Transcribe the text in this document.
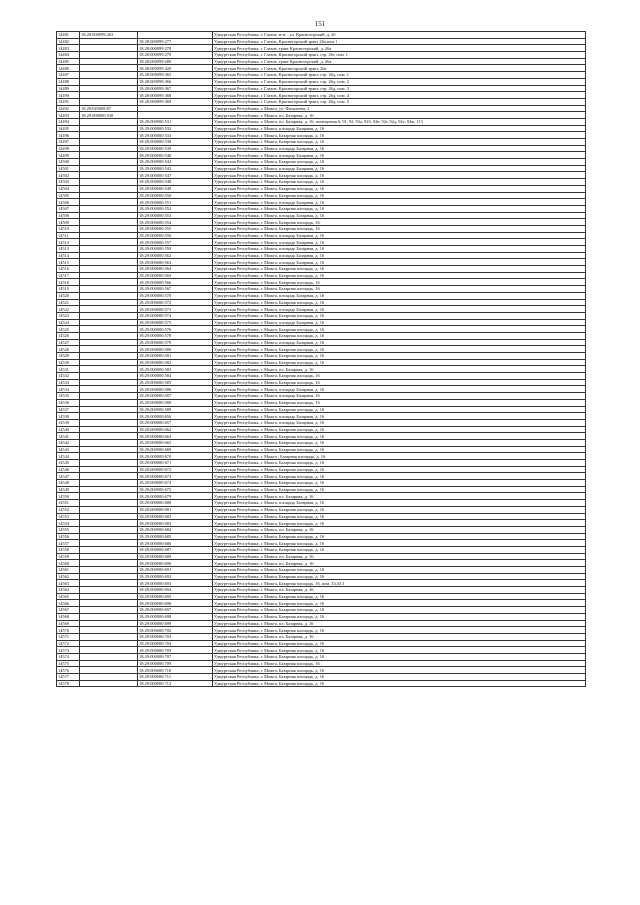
151
14481	18:28:000099:263		Удмуртская Республика, г. Глазов, м-н. , ул. Красногорский, д. 2б
14482		18:28:000099:277	Удмуртская Республика, г. Глазов, Красногорский тракт 26а,пом.1
14483		18:28:000099:278	Удмуртская Республика, г. Глазов, тракт Красногорский, д. 26а
14484		18:28:000099:279	Удмуртская Республика, г. Глазов, Красногорский тракт, стр. 26г, пом. 1
14485		18:28:000099:280	Удмуртская Республика, г. Глазов, тракт Красногорский, д. 26а
14486		18:28:000099:320	Удмуртская Республика, г. Глазов, Красногорский тракт, 26а
14487		18:28:000099:365	Удмуртская Республика, г. Глазов, Красногорский тракт, стр. 26д, пом. 1
14488		18:28:000099:366	Удмуртская Республика, г. Глазов, Красногорский тракт, стр. 26д, пом. 2
14489		18:28:000099:367	Удмуртская Республика, г. Глазов, Красногорский тракт, стр. 26д, пом. 3
14490		18:28:000099:368	Удмуртская Республика, г. Глазов, Красногорский тракт, стр. 26д, пом. 4
14491		18:28:000099:369	Удмуртская Республика, г. Глазов, Красногорский тракт, стр. 26д, пом. 5
14492	18:29:020008:87		Удмуртская Республика, г. Можга, ул. Фалалеева, 2
14493	18:29:000000:530		Удмуртская Республика, г. Можга, пл. Базарная, д. 16
14494		18:29:000000:531	Удмуртская Республика, г. Можга, пл. Базарная, д. 16, помещения 6, 91, 92, 92а, 92б, 92в, 92г, 92д, 92е, 92ж, 113
14495		18:29:000000:532	Удмуртская Республика, г. Можга, площадь Базарная, д. 16
14496		18:29:000000:533	Удмуртская Республика, г. Можга, Базарная площадь, д. 16
14497		18:29:000000:538	Удмуртская Республика, г. Можга, Базарная площадь, д. 16
14498		18:29:000000:539	Удмуртская Республика, г. Можга, площадь Базарная, д. 16
14499		18:29:000000:540	Удмуртская Республика, г. Можга, площадь Базарная, д. 16
14500		18:29:000000:542	Удмуртская Республика, г. Можга, Базарная площадь, д. 16
14501		18:29:000000:543	Удмуртская Республика, г. Можга, площадь Базарная, д. 16
14502		18:29:000000:547	Удмуртская Республика, г. Можга, Базарная площадь, д. 16
14503		18:29:000000:548	Удмуртская Республика, г. Можга, Базарная площадь, д. 16
14504		18:29:000000:549	Удмуртская Республика, г. Можга, Базарная площадь, д. 16
14505		18:29:000000:550	Удмуртская Республика, г. Можга, Базарная площадь, д. 16
14506		18:29:000000:551	Удмуртская Республика, г. Можга, площадь Базарная, д. 16
14507		18:29:000000:552	Удмуртская Республика, г. Можга, Базарная площадь, д. 16
14508		18:29:000000:553	Удмуртская Республика, г. Можга, площадь Базарная, д. 16
14509		18:29:000000:554	Удмуртская Республика, г. Можга, Базарная площадь, 16
14510		18:29:000000:555	Удмуртская Республика, г. Можга, Базарная площадь, 16
14511		18:29:000000:556	Удмуртская Республика, г. Можга, площадь Базарная, д. 16
14512		18:29:000000:557	Удмуртская Республика, г. Можга, площадь Базарная, д. 16
14513		18:29:000000:559	Удмуртская Республика, г. Можга, площадь Базарная, д. 16
14514		18:29:000000:562	Удмуртская Республика, г. Можга, площадь Базарная, д. 16
14515		18:29:000000:563	Удмуртская Республика, г. Можга, площадь Базарная, д. 16
14516		18:29:000000:564	Удмуртская Республика, г. Можга, Базарная площадь, д. 16
14517		18:29:000000:565	Удмуртская Республика, г. Можга, Базарная площадь, д. 16
14518		18:29:000000:566	Удмуртская Республика, г. Можга, Базарная площадь, 16
14519		18:29:000000:567	Удмуртская Республика, г. Можга, Базарная площадь, 16
14520		18:29:000000:570	Удмуртская Республика, г. Можга, площадь Базарная, д. 16
14521		18:29:000000:572	Удмуртская Республика, г. Можга, Базарная площадь, д. 16
14522		18:29:000000:573	Удмуртская Республика, г. Можга, площадь Базарная, д. 16
14523		18:29:000000:574	Удмуртская Республика, г. Можга, Базарная площадь, д. 16
14524		18:29:000000:575	Удмуртская Республика, г. Можга, площадь Базарная, д. 16
14525		18:29:000000:576	Удмуртская Республика, г. Можга, Базарная площадь, д. 16
14526		18:29:000000:578	Удмуртская Республика, г. Можга, Базарная площадь, д. 16
14527		18:29:000000:579	Удмуртская Республика, г. Можга, площадь Базарная, д. 16
14528		18:29:000000:580	Удмуртская Республика, г. Можга, Базарная площадь, д. 16
14529		18:29:000000:581	Удмуртская Республика, г. Можга, Базарная площадь, д. 16
14530		18:29:000000:582	Удмуртская Республика, г. Можга, Базарная площадь, д. 16
14531		18:29:000000:583	Удмуртская Республика, г. Можга, пл. Базарная, д. 16
14532		18:29:000000:584	Удмуртская Республика, г. Можга, Базарная площадь, 16
14533		18:29:000000:585	Удмуртская Республика, г. Можга, Базарная площадь, 16
14534		18:29:000000:586	Удмуртская Республика, г. Можга, площадь Базарная, д. 16
14535		18:29:000000:587	Удмуртская Республика, г. Можга, площадь Базарная, 16
14536		18:29:000000:588	Удмуртская Республика, г. Можга, Базарная площадь, 16
14537		18:29:000000:589	Удмуртская Республика, г. Можга, Базарная площадь, д. 16
14538		18:29:000000:656	Удмуртская Республика, г. Можга, площадь Базарная, д. 16
14539		18:29:000000:657	Удмуртская Республика, г. Можга, площадь Базарная, д. 16
14540		18:29:000000:662	Удмуртская Республика, г. Можга, Базарная площадь, д. 16
14541		18:29:000000:663	Удмуртская Республика, г. Можга, Базарная площадь, д. 16
14542		18:29:000000:665	Удмуртская Республика, г. Можга, Базарная площадь, д. 16
14543		18:29:000000:669	Удмуртская Республика, г. Можга, Базарная площадь, д. 16
14544		18:29:000000:670	Удмуртская Республика, г. Можга , Базарная площадь, д. 16
14545		18:29:000000:671	Удмуртская Республика, г. Можга, Базарная площадь, д. 16
14546		18:29:000000:672	Удмуртская Республика, г. Можга, Базарная площадь, д. 16
14547		18:29:000000:673	Удмуртская Республика, г. Можга, Базарная площадь, д. 16
14548		18:29:000000:674	Удмуртская Республика, г. Можга, Базарная площадь, д. 16
14549		18:29:000000:675	Удмуртская Республика, г. Можга, Базарная площадь, д. 16
14550		18:29:000000:679	Удмуртская Республика, г. Можга, пл. Базарная, д. 16
14551		18:29:000000:680	Удмуртская Республика, г. Можга, площадь Базарная, д. 16
14552		18:29:000000:681	Удмуртская Республика, г. Можга, Базарная площадь, д. 16
14553		18:29:000000:682	Удмуртская Республика, г. Можга, Базарная площадь, д. 16
14554		18:29:000000:683	Удмуртская Республика, г. Можга, Базарная площадь, д. 16
14555		18:29:000000:684	Удмуртская Республика, г. Можга, пл. Базарная, д. 16
14556		18:29:000000:685	Удмуртская Республика, г. Можга, Базарная площадь, д. 16
14557		18:29:000000:686	Удмуртская Республика, г. Можга, Базарная площадь, д. 16
14558		18:29:000000:687	Удмуртская Республика, г. Можга, Базарная площадь, д. 16
14559		18:29:000000:689	Удмуртская Республика, г. Можга, пл. Базарная, д. 16
14560		18:29:000000:690	Удмуртская Республика, г. Можга, пл. Базарная, д. 16
14561		18:29:000000:691	Удмуртская Республика, г. Можга, Базарная площадь, д. 16
14562		18:29:000000:692	Удмуртская Республика, г. Можга, Базарная площадь, д. 16
14563		18:29:000000:693	Удмуртская Республика, г. Можга, Базарная площадь, 16, пом. 33,33.1
14564		18:29:000000:694	Удмуртская Республика, г. Можга, пл. Базарная, д. 16
14565		18:29:000000:695	Удмуртская Республика, г. Можга, Базарная площадь, д. 16
14566		18:29:000000:696	Удмуртская Республика, г. Можга, Базарная площадь, д. 16
14567		18:29:000000:697	Удмуртская Республика, г. Можга, Базарная площадь, д. 16
14568		18:29:000000:698	Удмуртская Республика, г. Можга, Базарная площадь, д. 16
14569		18:29:000000:699	Удмуртская Республика, г. Можга, пл. Базарная, д. 16
14570		18:29:000000:702	Удмуртская Республика, г. Можга, Базарная площадь, д. 16
14571		18:29:000000:703	Удмуртская Республика, г. Можга, пл. Базарная, д. 16
14572		18:29:000000:704	Удмуртская Республика, г. Можга, Базарная площадь, д. 16
14573		18:29:000000:705	Удмуртская Республика, г. Можга, Базарная площадь, д. 16
14574		18:29:000000:707	Удмуртская Республика, г. Можга, Базарная площадь, д. 16
14575		18:29:000000:709	Удмуртская Республика, г. Можга, Базарная площадь, 16
14576		18:29:000000:710	Удмуртская Республика, г. Можга, Базарная площадь, д. 16
14577		18:29:000000:711	Удмуртская Республика, г. Можга, Базарная площадь, д. 16
14578		18:29:000000:712	Удмуртская Республика, г. Можга, Базарная площадь, д. 16
